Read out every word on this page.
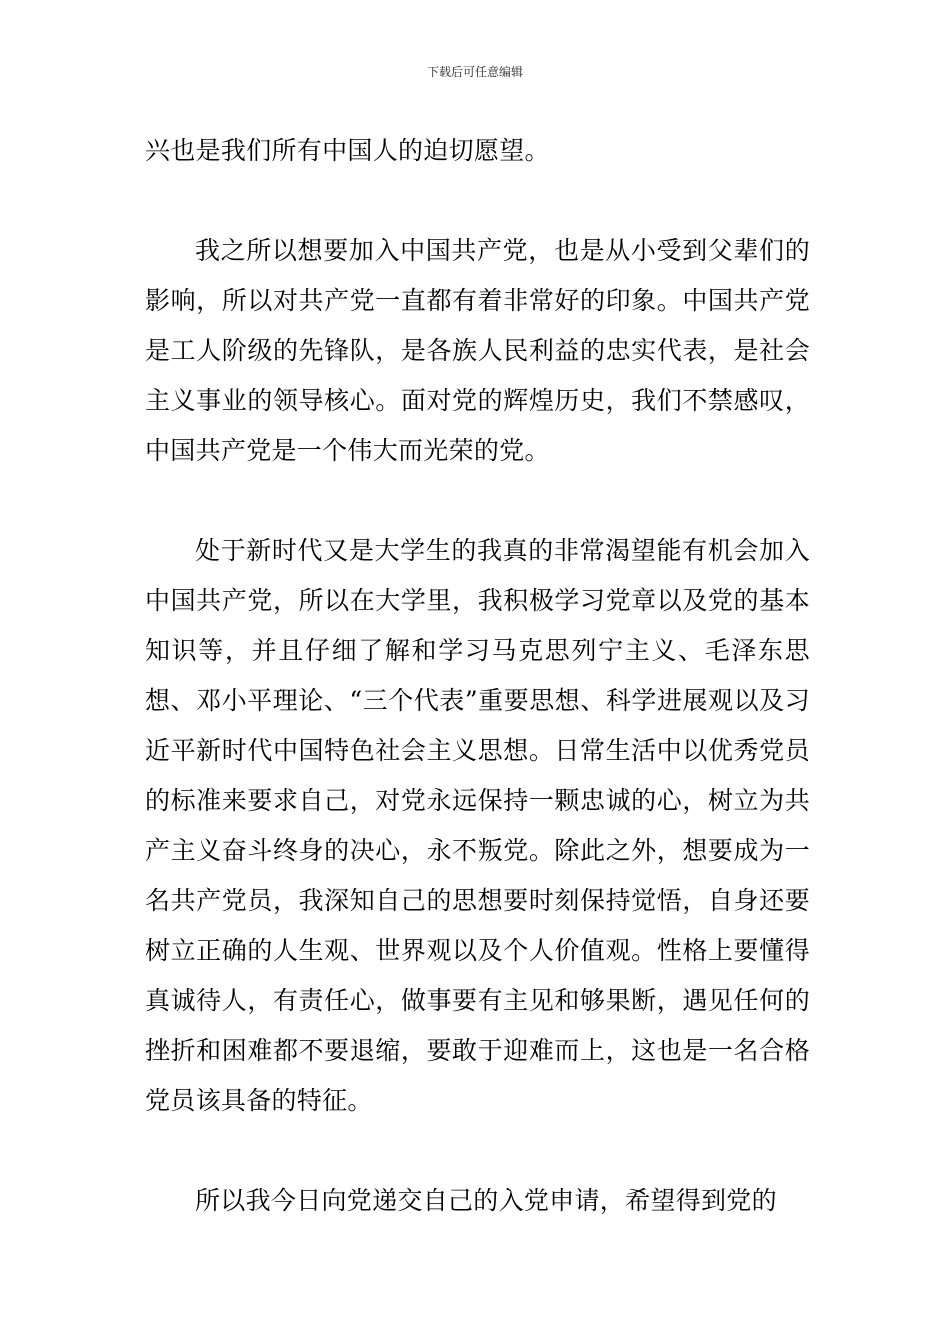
下载后可任意编辑

兴也是我们所有中国人的迫切愿望。

我之所以想要加入中国共产党，也是从小受到父辈们的影响，所以对共产党一直都有着非常好的印象。中国共产党是工人阶级的先锋队，是各族人民利益的忠实代表，是社会主义事业的领导核心。面对党的辉煌历史，我们不禁感叹，中国共产党是一个伟大而光荣的党。

处于新时代又是大学生的我真的非常渴望能有机会加入中国共产党，所以在大学里，我积极学习党章以及党的基本知识等，并且仔细了解和学习马克思列宁主义、毛泽东思想、邓小平理论、“三个代表”重要思想、科学进展观以及习近平新时代中国特色社会主义思想。日常生活中以优秀党员的标准来要求自己，对党永远保持一颗忠诚的心，树立为共产主义奋斗终身的决心，永不叛党。除此之外，想要成为一名共产党员，我深知自己的思想要时刻保持觉悟，自身还要树立正确的人生观、世界观以及个人价值观。性格上要懂得真诚待人，有责任心，做事要有主见和够果断，遇见任何的挫折和困难都不要退缩，要敢于迎难而上，这也是一名合格党员该具备的特征。

所以我今日向党递交自己的入党申请，希望得到党的
